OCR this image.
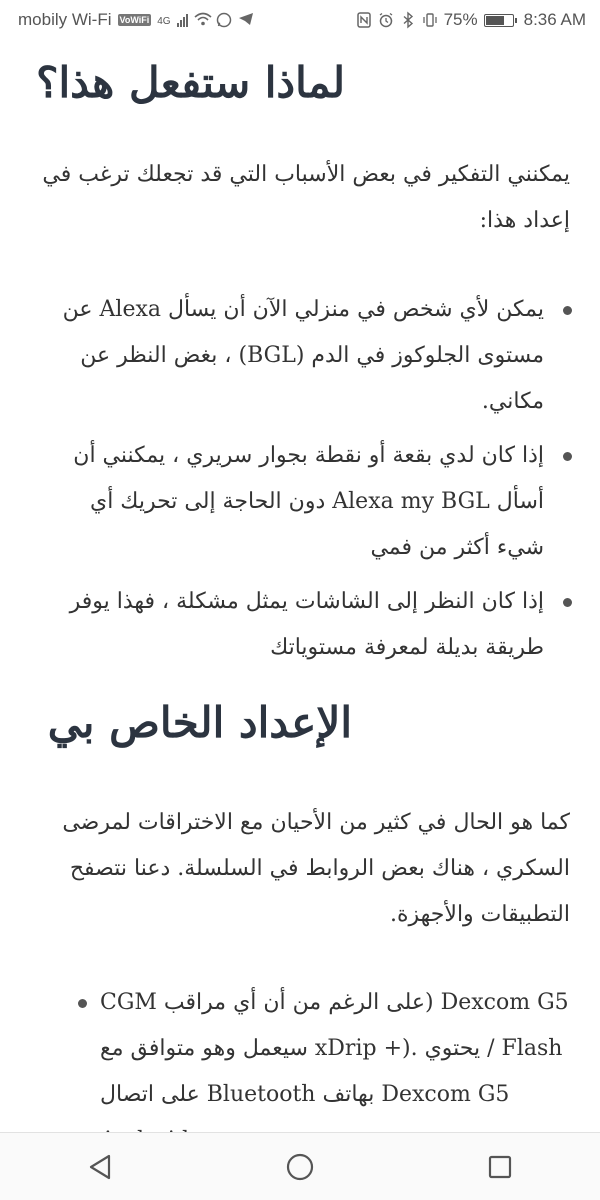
mobily Wi-Fi VoWiFi 4G	75%	8:36 AM
لماذا ستفعل هذا؟
يمكنني التفكير في بعض الأسباب التي قد تجعلك ترغب في إعداد هذا:
يمكن لأي شخص في منزلي الآن أن يسأل Alexa عن مستوى الجلوكوز في الدم (BGL) ، بغض النظر عن مكاني.
إذا كان لدي بقعة أو نقطة بجوار سريري ، يمكنني أن أسأل Alexa my BGL دون الحاجة إلى تحريك أي شيء أكثر من فمي
إذا كان النظر إلى الشاشات يمثل مشكلة ، فهذا يوفر طريقة بديلة لمعرفة مستوياتك
الإعداد الخاص بي
كما هو الحال في كثير من الأحيان مع الاختراقات لمرضى السكري ، هناك بعض الروابط في السلسلة. دعنا نتصفح التطبيقات والأجهزة.
Dexcom G5 (على الرغم من أن أي مراقب CGM / Flash يحتوي .(+ xDrip سيعمل وهو متوافق مع Dexcom G5 بهاتف Bluetooth على اتصال
